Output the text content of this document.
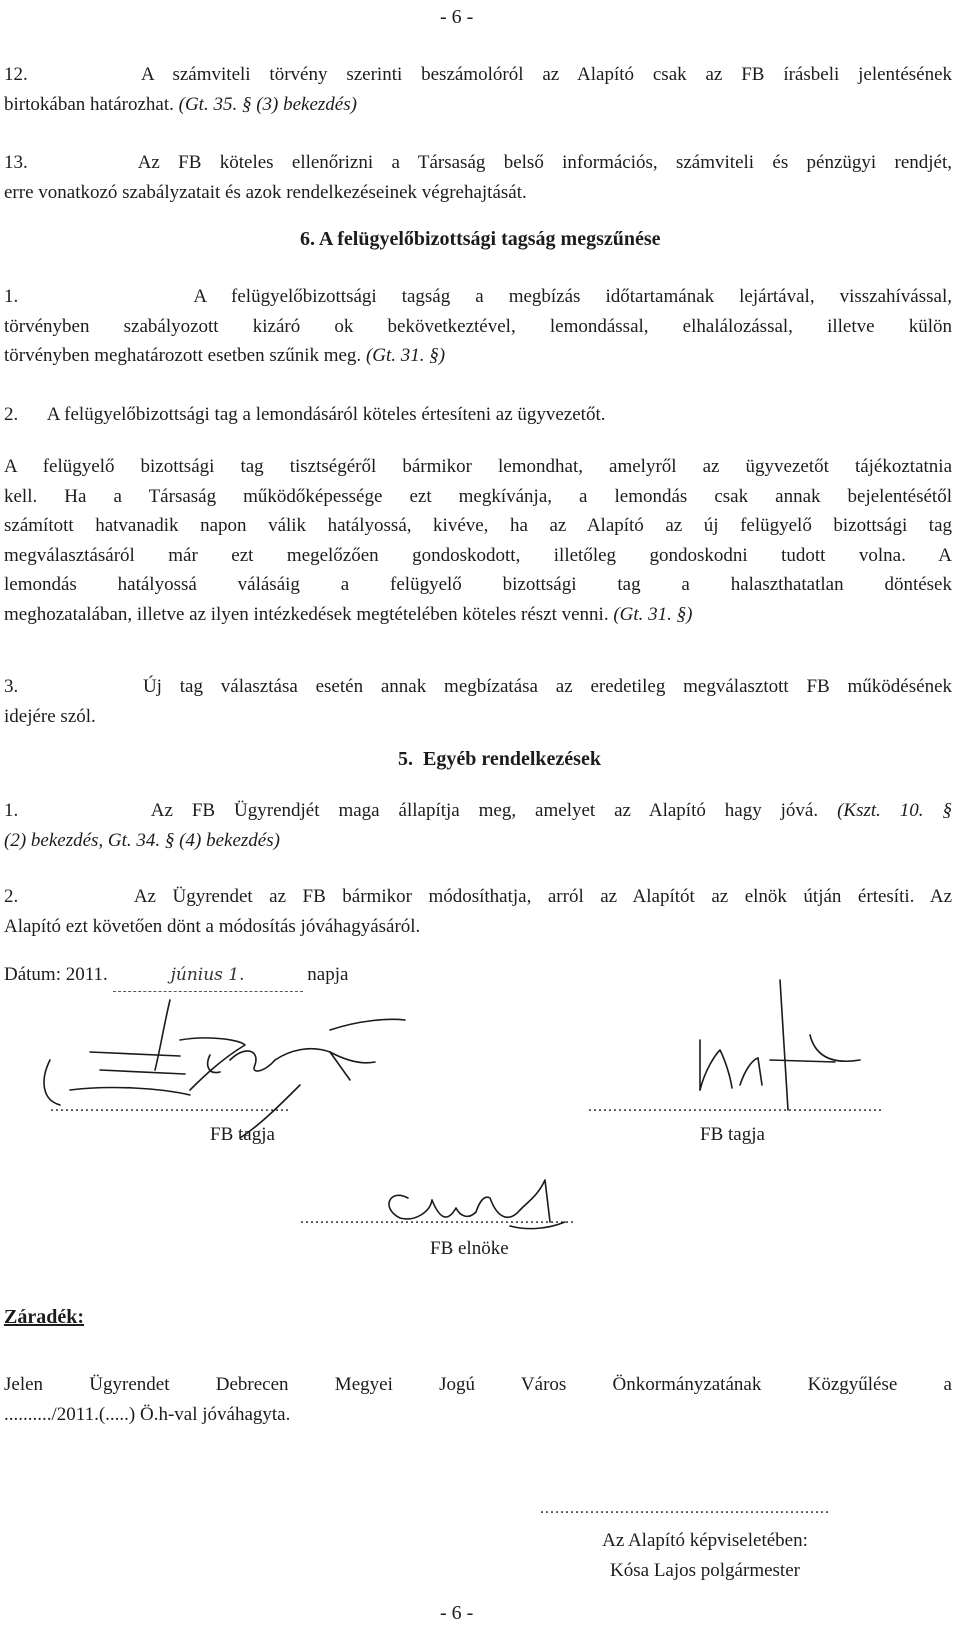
- 6 -
12.	A számviteli törvény szerinti beszámolóról az Alapító csak az FB írásbeli jelentésének
birtokában határozhat. (Gt. 35. § (3) bekezdés)
13.	Az FB köteles ellenőrizni a Társaság belső információs, számviteli és pénzügyi rendjét,
erre vonatkozó szabályzatait és azok rendelkezéseinek végrehajtását.
6. A felügyelőbizottsági tagság megszűnése
1.	A felügyelőbizottsági tagság a megbízás időtartamának lejártával, visszahívással,
törvényben szabályozott kizáró ok bekövetkeztével, lemondással, elhalálozással, illetve külön
törvényben meghatározott esetben szűnik meg. (Gt. 31. §)
2. A felügyelőbizottsági tag a lemondásáról köteles értesíteni az ügyvezetőt.
A felügyelő bizottsági tag tisztségéről bármikor lemondhat, amelyről az ügyvezetőt tájékoztatnia
kell. Ha a Társaság működőképessége ezt megkívánja, a lemondás csak annak bejelentésétől
számított hatvanadik napon válik hatályossá, kivéve, ha az Alapító az új felügyelő bizottsági tag
megválasztásáról már ezt megelőzően gondoskodott, illetőleg gondoskodni tudott volna. A
lemondás hatályossá válásáig a felügyelő bizottsági tag a halaszthatatlan döntések
meghozatalában, illetve az ilyen intézkedések megtételében köteles részt venni. (Gt. 31. §)
3.	Új tag választása esetén annak megbízatása az eredetileg megválasztott FB működésének
idejére szól.
5. Egyéb rendelkezések
1.	Az FB Ügyrendjét maga állapítja meg, amelyet az Alapító hagy jóvá. (Kszt. 10. §
(2) bekezdés, Gt. 34. § (4) bekezdés)
2.	Az Ügyrendet az FB bármikor módosíthatja, arról az Alapítót az elnök útján értesíti. Az
Alapító ezt követően dönt a módosítás jóváhagyásáról.
Dátum: 2011.	június 1.	napja
................................................
FB tagja
...........................................................
FB tagja
.......................................................
FB elnöke
Záradék:
Jelen Ügyrendet Debrecen Megyei Jogú Város Önkormányzatának Közgyűlése a
........../2011.(.....) Ö.h-val jóváhagyta.
..........................................................
Az Alapító képviseletében:
Kósa Lajos polgármester
- 6 -
